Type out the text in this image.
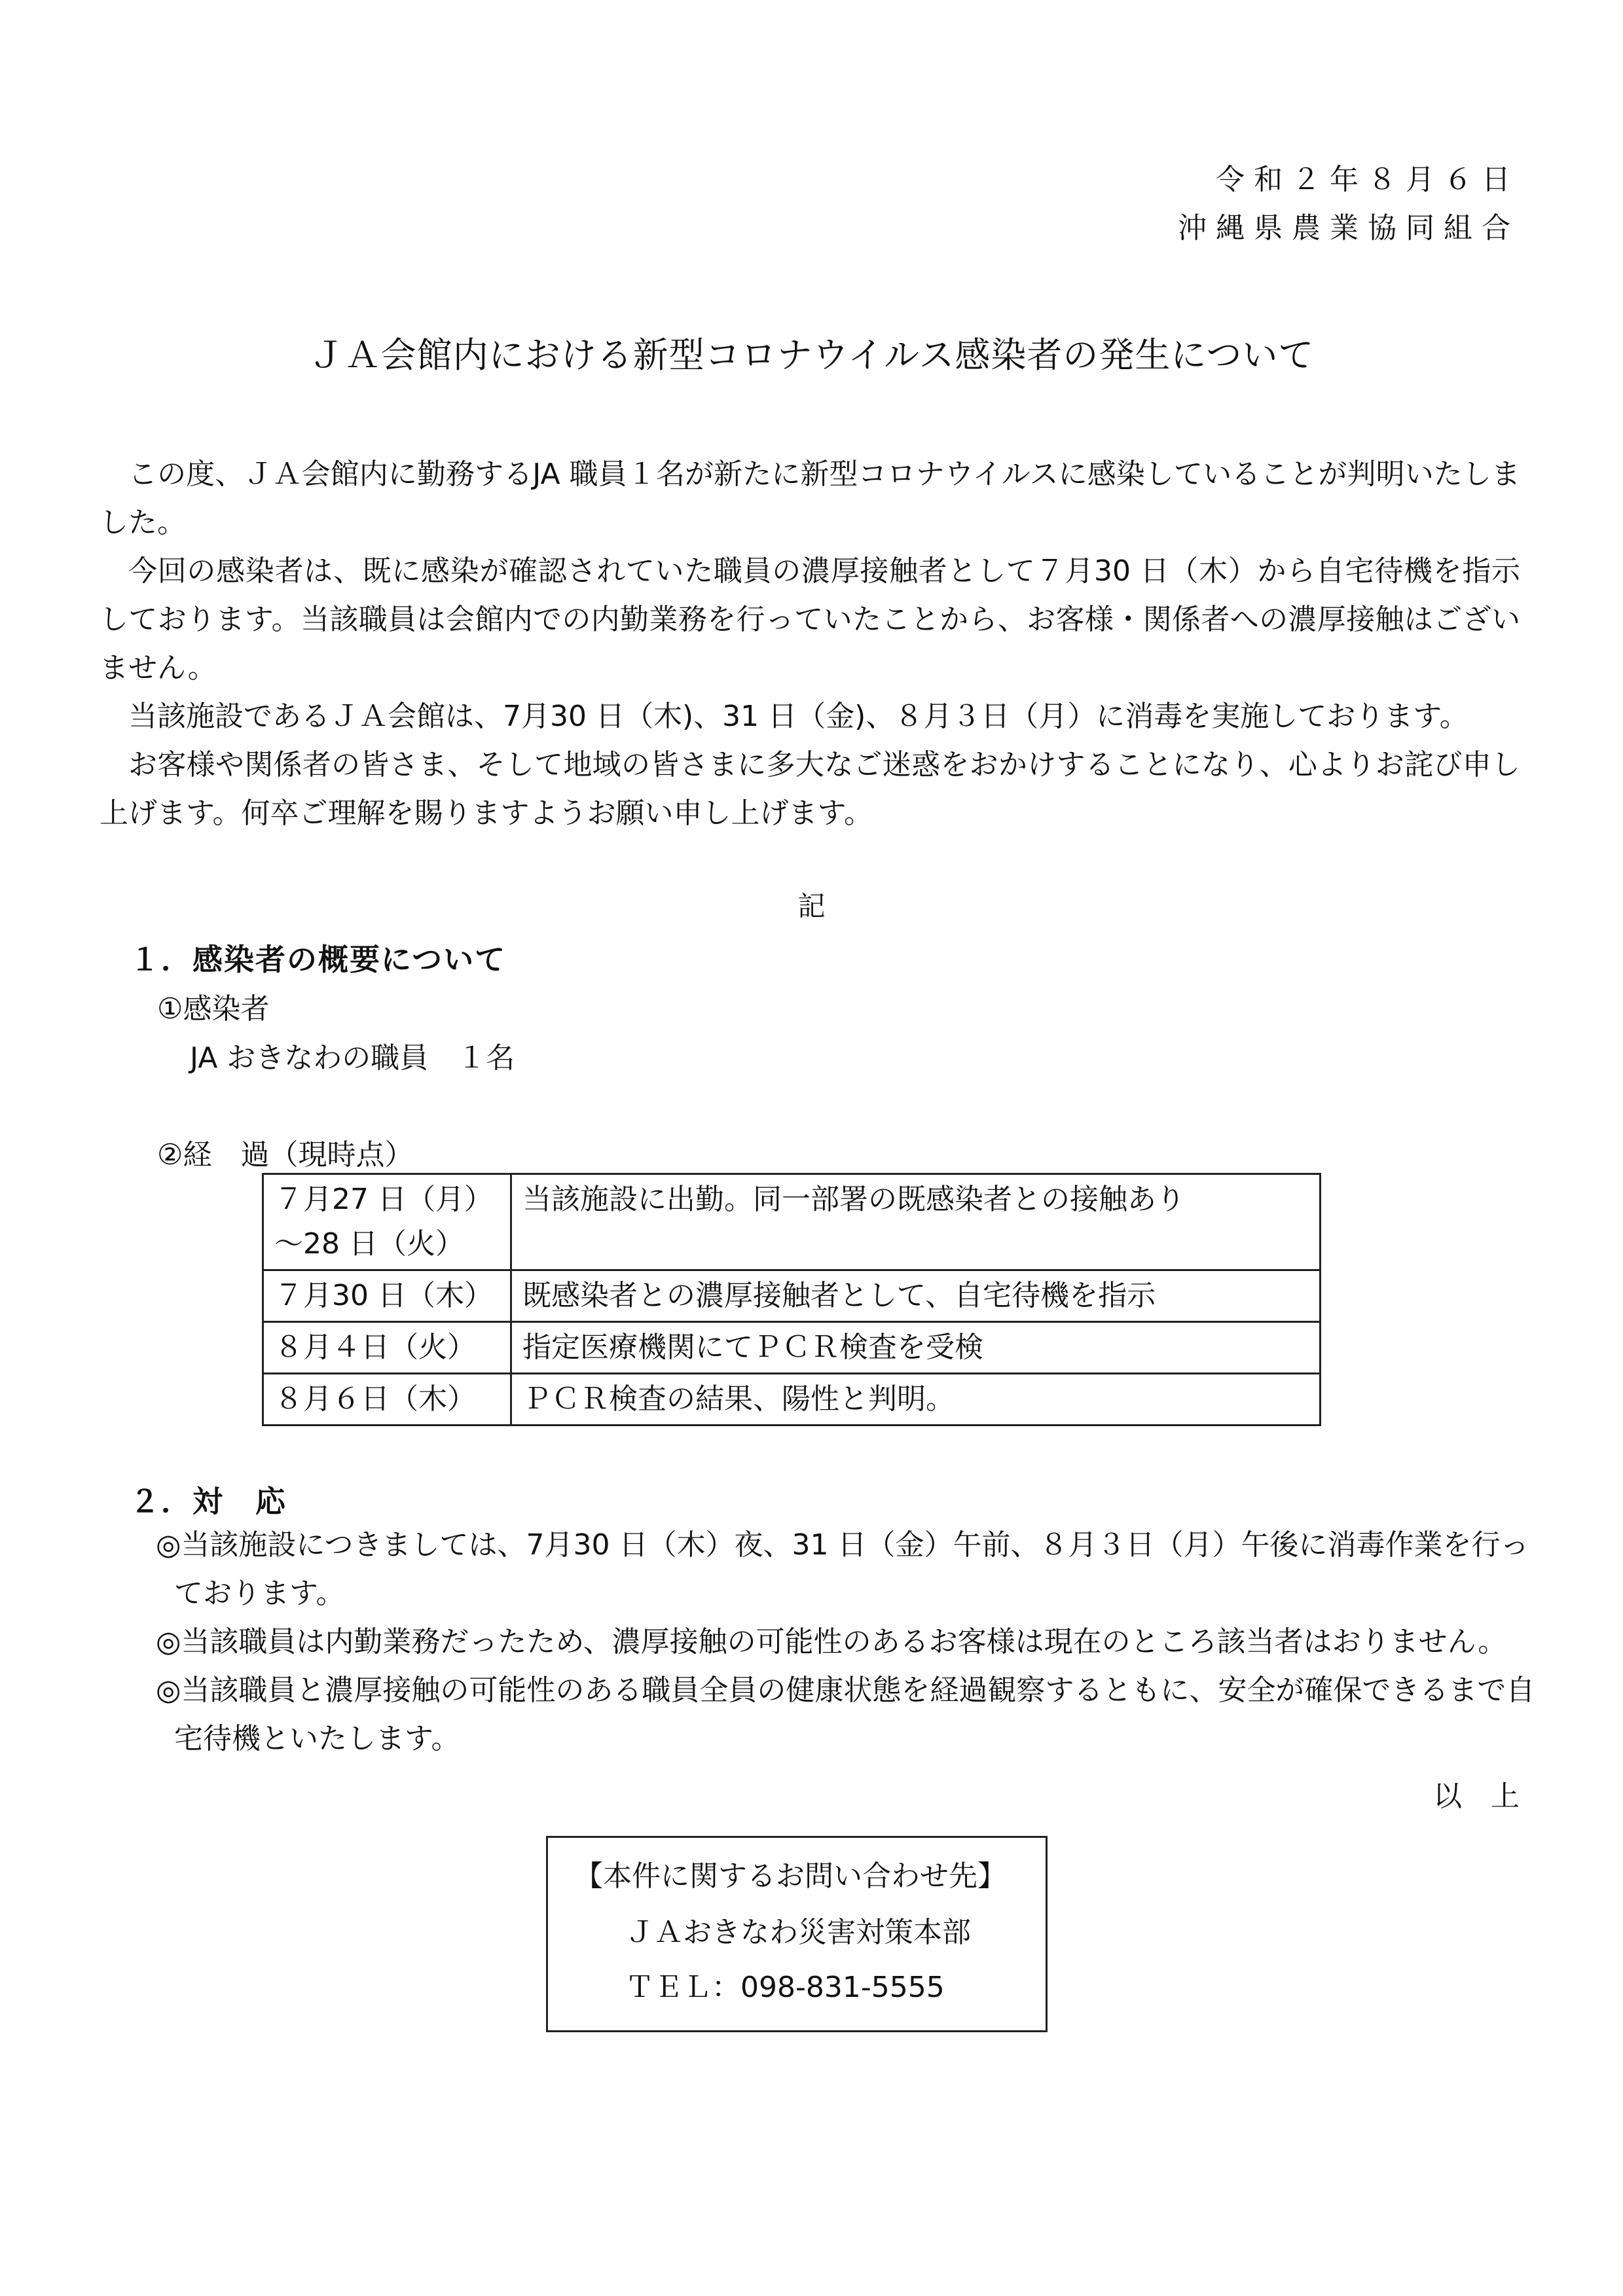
令和２年８月６日
沖縄県農業協同組合
ＪＡ会館内における新型コロナウイルス感染者の発生について
この度、ＪＡ会館内に勤務するJA 職員１名が新たに新型コロナウイルスに感染していることが判明いたしました。
今回の感染者は、既に感染が確認されていた職員の濃厚接触者として７月30 日（木）から自宅待機を指示しております。当該職員は会館内での内勤業務を行っていたことから、お客様・関係者への濃厚接触はございません。
当該施設であるＪＡ会館は、7月30 日（木)、31 日（金)、８月３日（月）に消毒を実施しております。
お客様や関係者の皆さま、そして地域の皆さまに多大なご迷惑をおかけすることになり、心よりお詫び申し上げます。何卒ご理解を賜りますようお願い申し上げます。
記
１．感染者の概要について
①感染者
JA おきなわの職員　１名
②経　過（現時点）
７月27 日（月）
～28 日（火）	当該施設に出勤。同一部署の既感染者との接触あり
７月30 日（木）	既感染者との濃厚接触者として、自宅待機を指示
８月４日（火）	指定医療機関にてＰＣＲ検査を受検
８月６日（木）	ＰＣＲ検査の結果、陽性と判明。
２．対　応
◎当該施設につきましては、7月30 日（木）夜、31 日（金）午前、８月３日（月）午後に消毒作業を行っております。
◎当該職員は内勤業務だったため、濃厚接触の可能性のあるお客様は現在のところ該当者はおりません。
◎当該職員と濃厚接触の可能性のある職員全員の健康状態を経過観察するともに、安全が確保できるまで自宅待機といたします。
以　上
【本件に関するお問い合わせ先】
ＪＡおきなわ災害対策本部
ＴＥＬ：098-831-5555
